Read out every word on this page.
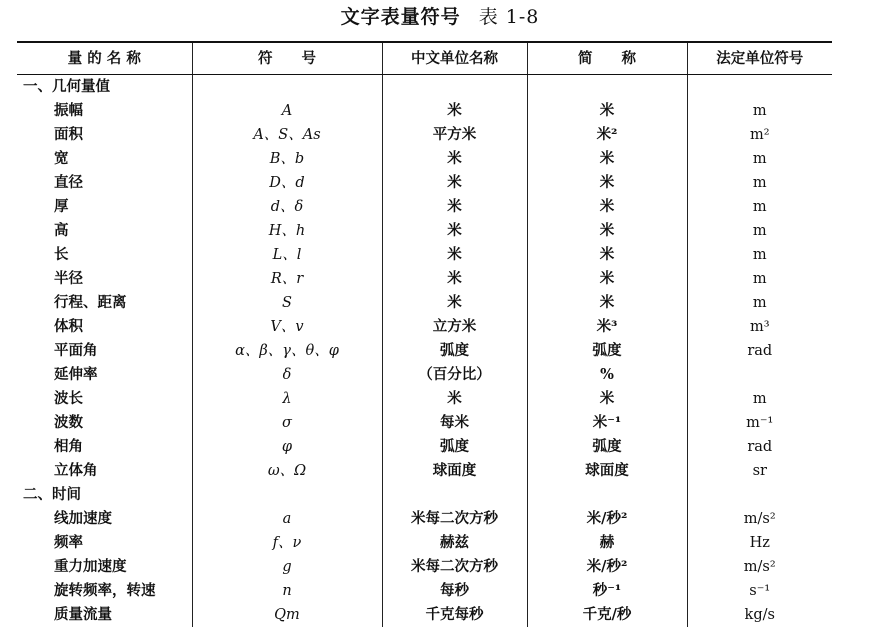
文字表量符号 表 1-8
量 的 名 称	符　　号	中文单位名称	简　　称	法定单位符号
一、几何量值				
振幅	A	米	米	m
面积	A、S、As	平方米	米²	m²
宽	B、b	米	米	m
直径	D、d	米	米	m
厚	d、δ	米	米	m
高	H、h	米	米	m
长	L、l	米	米	m
半径	R、r	米	米	m
行程、距离	S	米	米	m
体积	V、v	立方米	米³	m³
平面角	α、β、γ、θ、φ	弧度	弧度	rad
延伸率	δ	（百分比）	%	
波长	λ	米	米	m
波数	σ	每米	米⁻¹	m⁻¹
相角	φ	弧度	弧度	rad
立体角	ω、Ω	球面度	球面度	sr
二、时间				
线加速度	a	米每二次方秒	米/秒²	m/s²
频率	f、ν	赫兹	赫	Hz
重力加速度	g	米每二次方秒	米/秒²	m/s²
旋转频率，转速	n	每秒	秒⁻¹	s⁻¹
质量流量	Qm	千克每秒	千克/秒	kg/s
